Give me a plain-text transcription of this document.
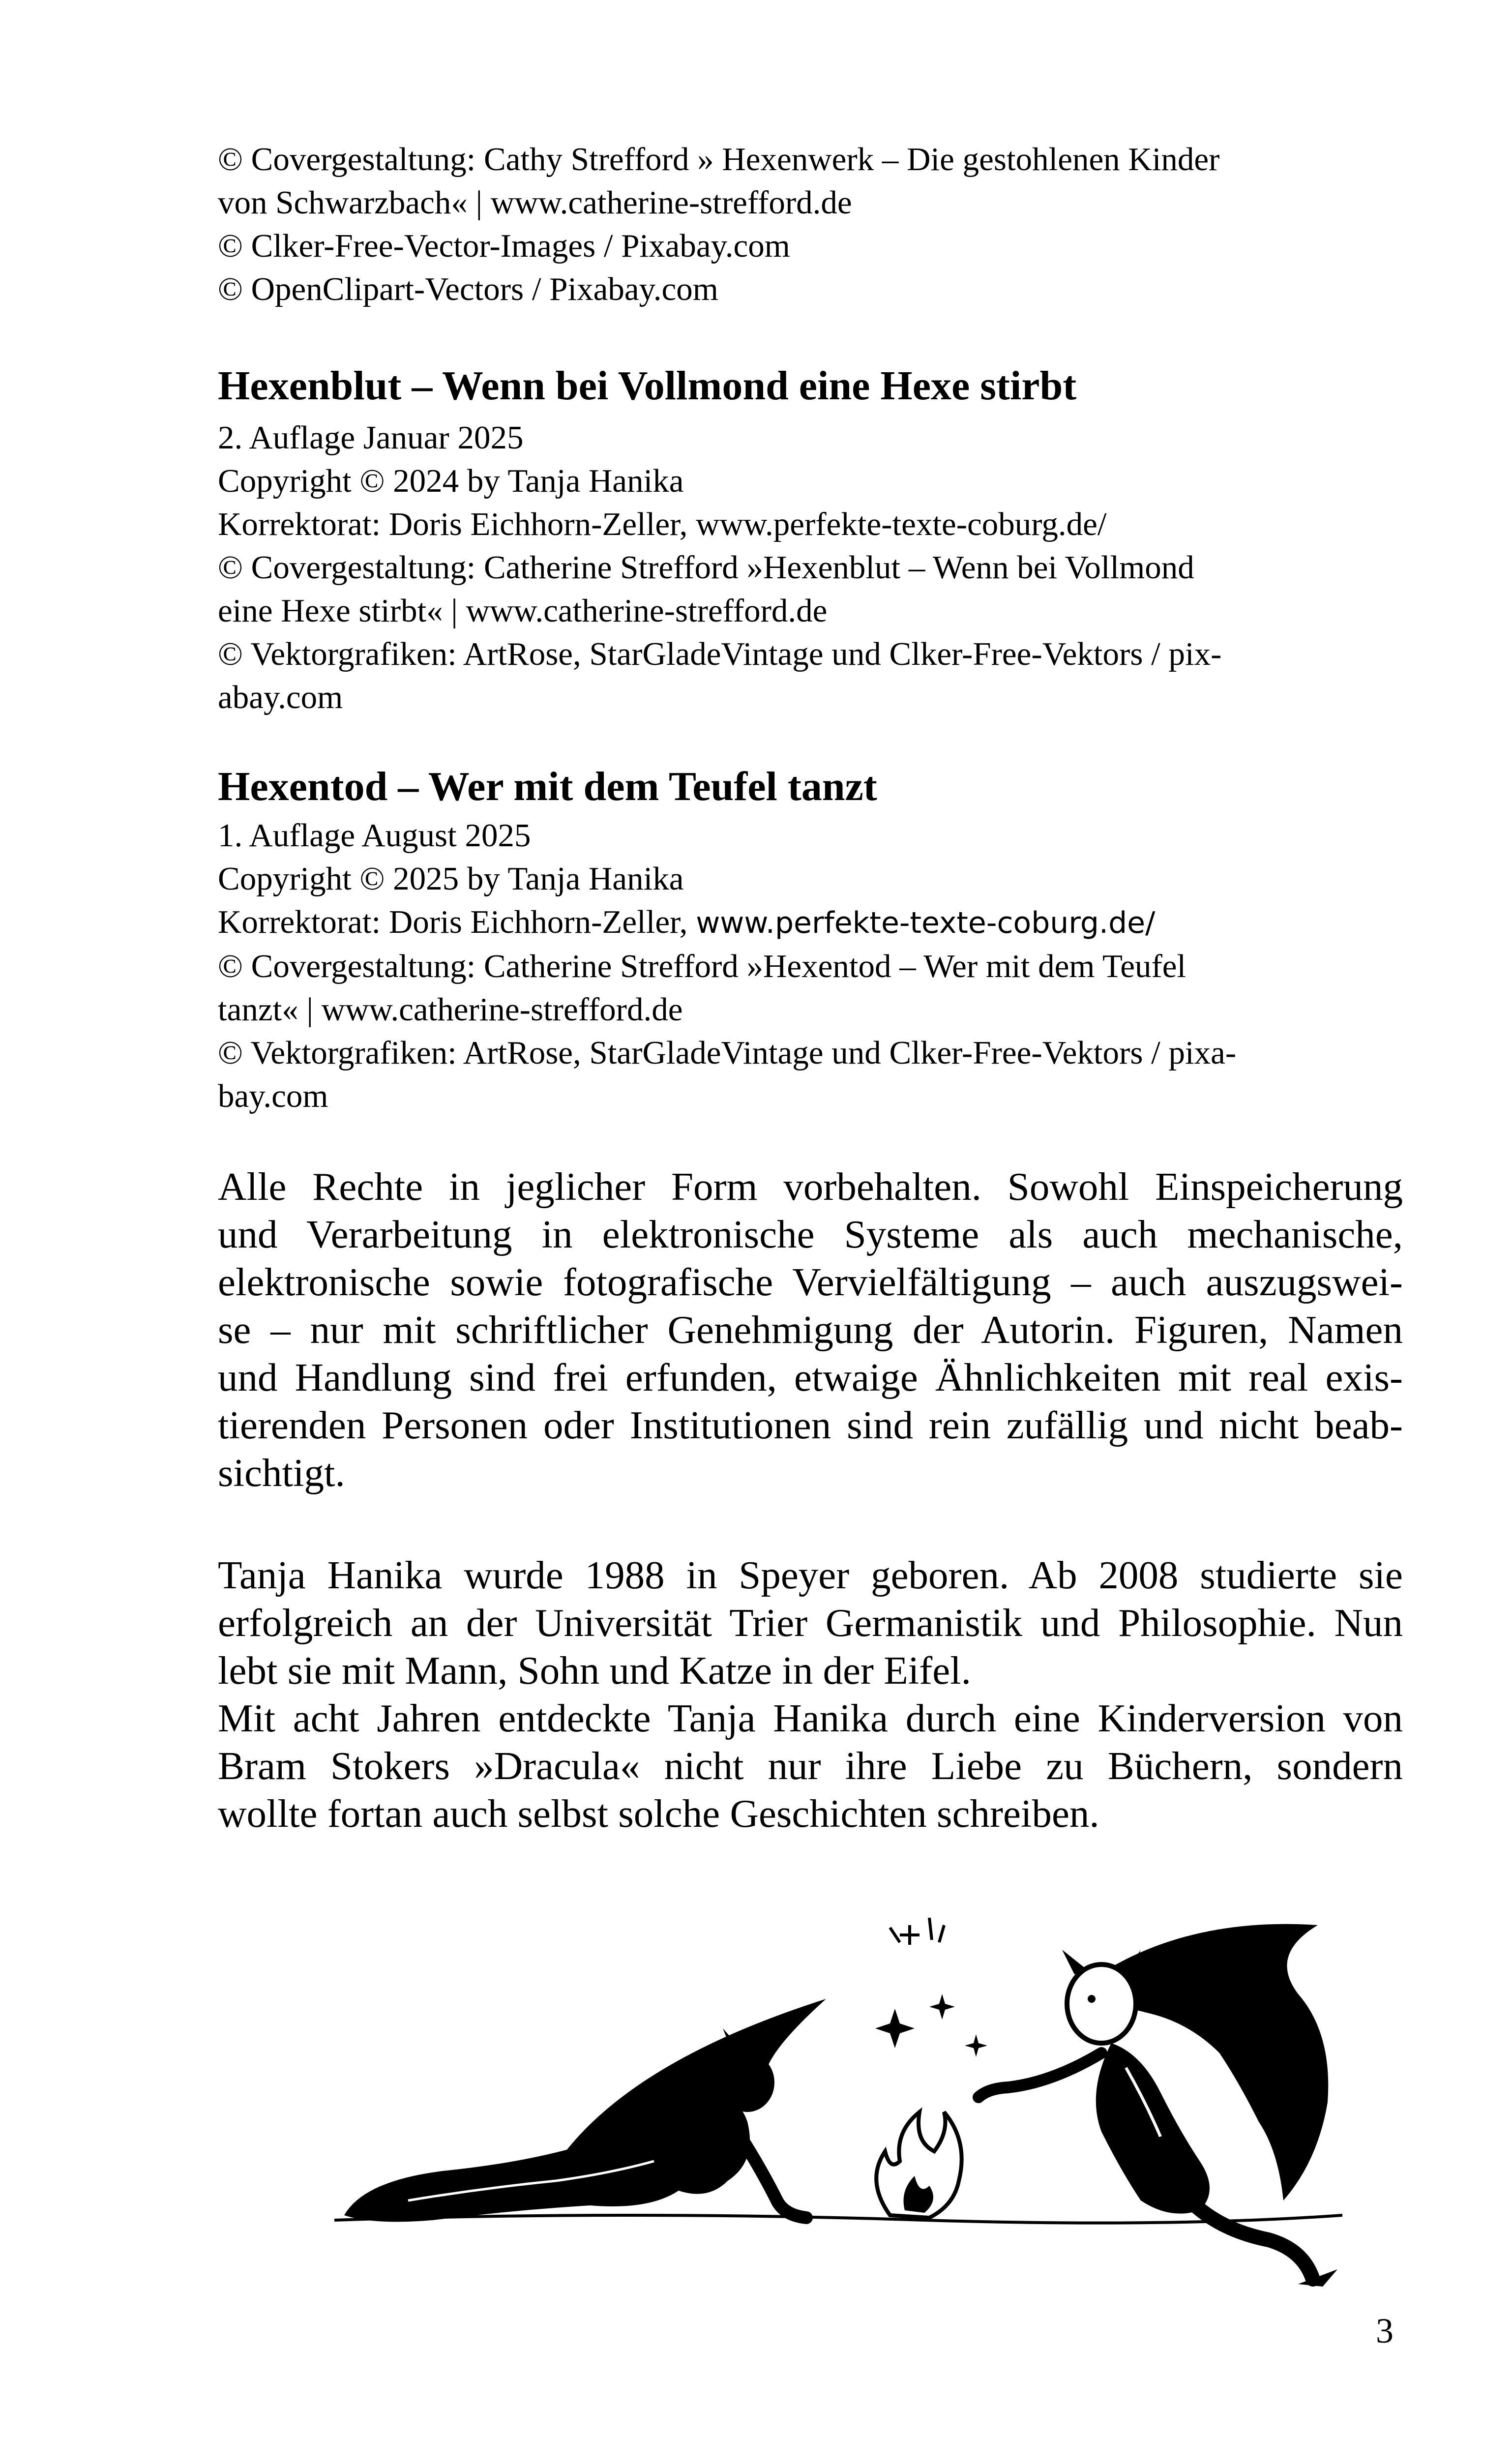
© Covergestaltung: Cathy Strefford » Hexenwerk – Die gestohlenen Kinder

von Schwarzbach« | www.catherine-strefford.de

© Clker-Free-Vector-Images / Pixabay.com

© OpenClipart-Vectors / Pixabay.com

Hexenblut – Wenn bei Vollmond eine Hexe stirbt

2. Auflage Januar 2025

Copyright © 2024 by Tanja Hanika

Korrektorat: Doris Eichhorn-Zeller, www.perfekte-texte-coburg.de/

© Covergestaltung: Catherine Strefford »Hexenblut – Wenn bei Vollmond

eine Hexe stirbt« | www.catherine-strefford.de

© Vektorgrafiken: ArtRose, StarGladeVintage und Clker-Free-Vektors / pix-

abay.com

Hexentod – Wer mit dem Teufel tanzt

1. Auflage August 2025

Copyright © 2025 by Tanja Hanika

Korrektorat: Doris Eichhorn-Zeller, www.perfekte-texte-coburg.de/

© Covergestaltung: Catherine Strefford »Hexentod – Wer mit dem Teufel

tanzt« | www.catherine-strefford.de

© Vektorgrafiken: ArtRose, StarGladeVintage und Clker-Free-Vektors / pixa-

bay.com

Alle Rechte in jeglicher Form vorbehalten. Sowohl Einspeicherung

und Verarbeitung in elektronische Systeme als auch mechanische,

elektronische sowie fotografische Vervielfältigung – auch auszugswei-

se – nur mit schriftlicher Genehmigung der Autorin. Figuren, Namen

und Handlung sind frei erfunden, etwaige Ähnlichkeiten mit real exis-

tierenden Personen oder Institutionen sind rein zufällig und nicht beab-

sichtigt.

Tanja Hanika wurde 1988 in Speyer geboren. Ab 2008 studierte sie

erfolgreich an der Universität Trier Germanistik und Philosophie. Nun

lebt sie mit Mann, Sohn und Katze in der Eifel.

Mit acht Jahren entdeckte Tanja Hanika durch eine Kinderversion von

Bram Stokers »Dracula« nicht nur ihre Liebe zu Büchern, sondern

wollte fortan auch selbst solche Geschichten schreiben.

3
